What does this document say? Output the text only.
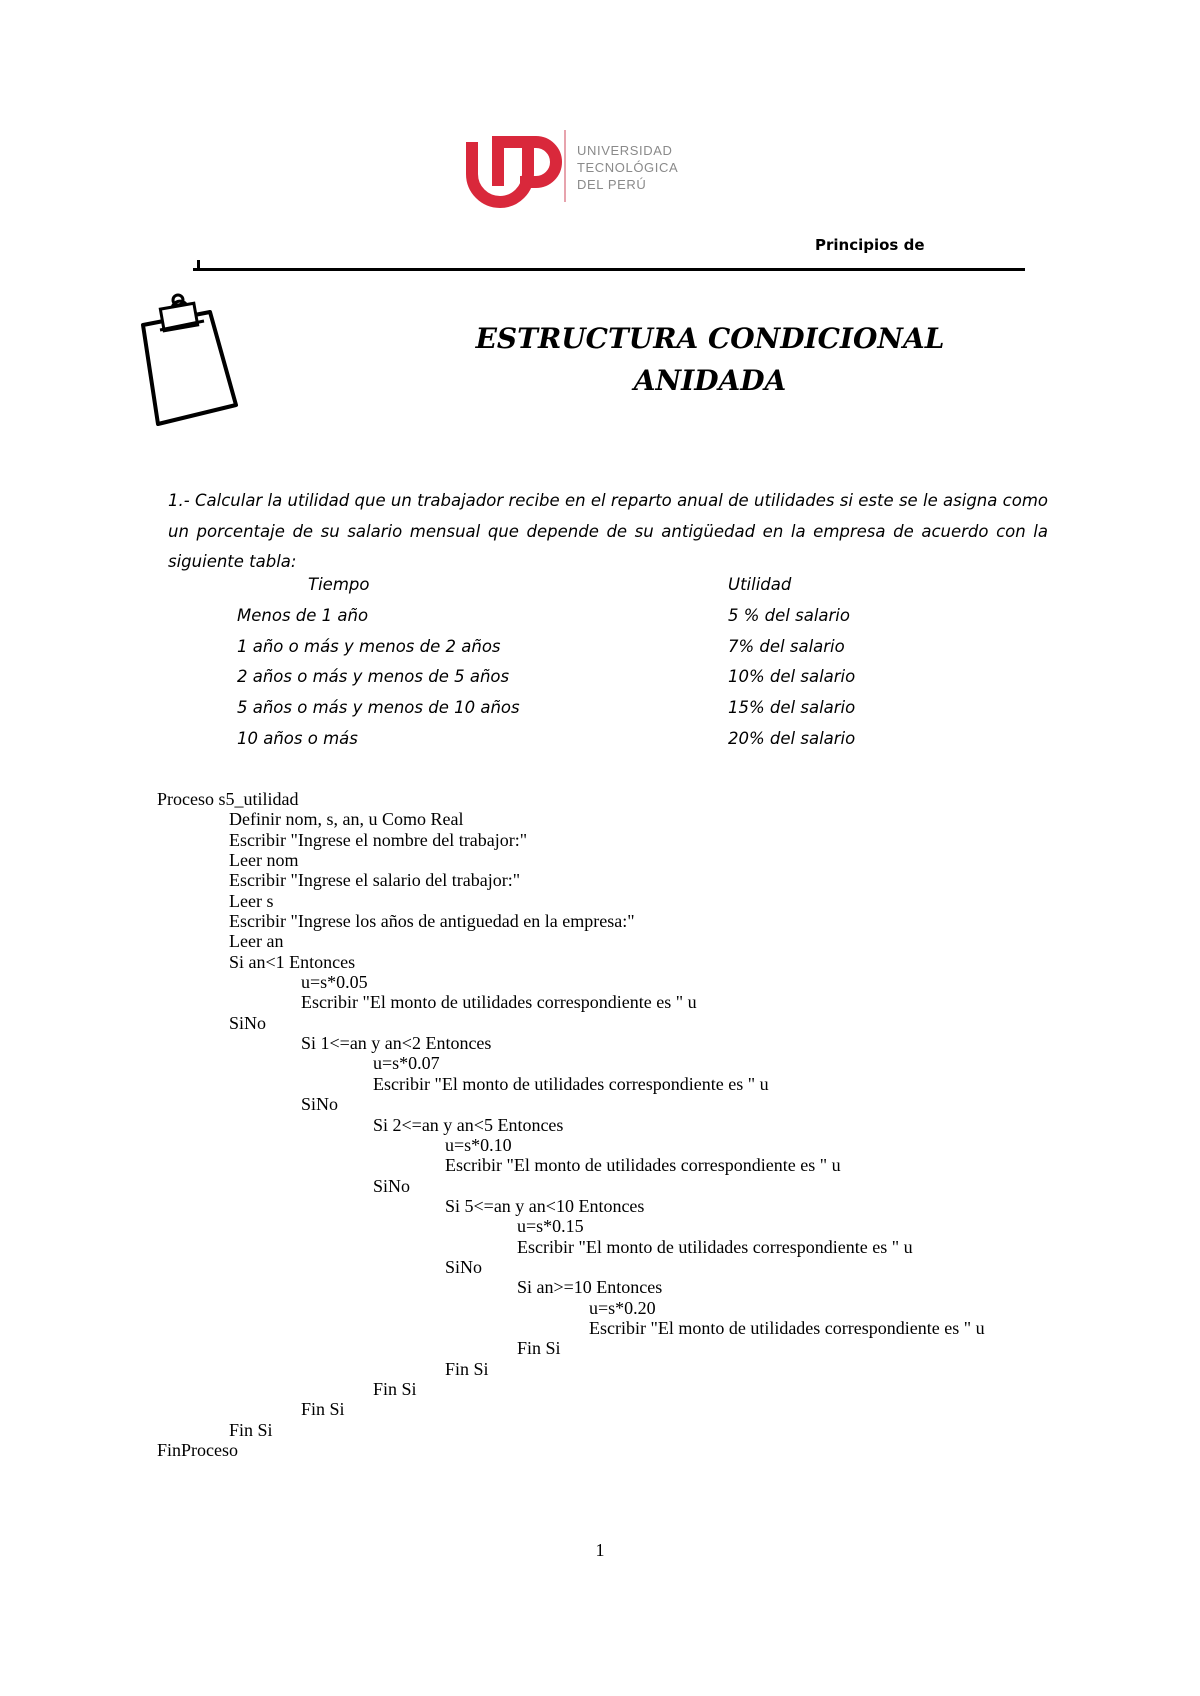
UNIVERSIDAD
TECNOLÓGICA
DEL PERÚ
Principios de
ESTRUCTURA CONDICIONAL
ANIDADA
1.- Calcular la utilidad que un trabajador recibe en el reparto anual de utilidades si este se le asigna como un porcentaje de su salario mensual que depende de su antigüedad en la empresa de acuerdo con la siguiente tabla:
Tiempo	Utilidad
Menos de 1 año	5 % del salario
1 año o más y menos de 2 años	7% del salario
2 años o más y menos de 5 años	10% del salario
5 años o más y menos de 10 años	15% del salario
10 años o más	20% del salario
Proceso s5_utilidad
Definir nom, s, an, u Como Real
Escribir "Ingrese el nombre del trabajor:"
Leer nom
Escribir "Ingrese el salario del trabajor:"
Leer s
Escribir "Ingrese los años de antiguedad en la empresa:"
Leer an
Si an<1 Entonces
u=s*0.05
Escribir "El monto de utilidades correspondiente es " u
SiNo
Si 1<=an y an<2 Entonces
u=s*0.07
Escribir "El monto de utilidades correspondiente es " u
SiNo
Si 2<=an y an<5 Entonces
u=s*0.10
Escribir "El monto de utilidades correspondiente es " u
SiNo
Si 5<=an y an<10 Entonces
u=s*0.15
Escribir "El monto de utilidades correspondiente es " u
SiNo
Si an>=10 Entonces
u=s*0.20
Escribir "El monto de utilidades correspondiente es " u
Fin Si
Fin Si
Fin Si
Fin Si
Fin Si
FinProceso
1
